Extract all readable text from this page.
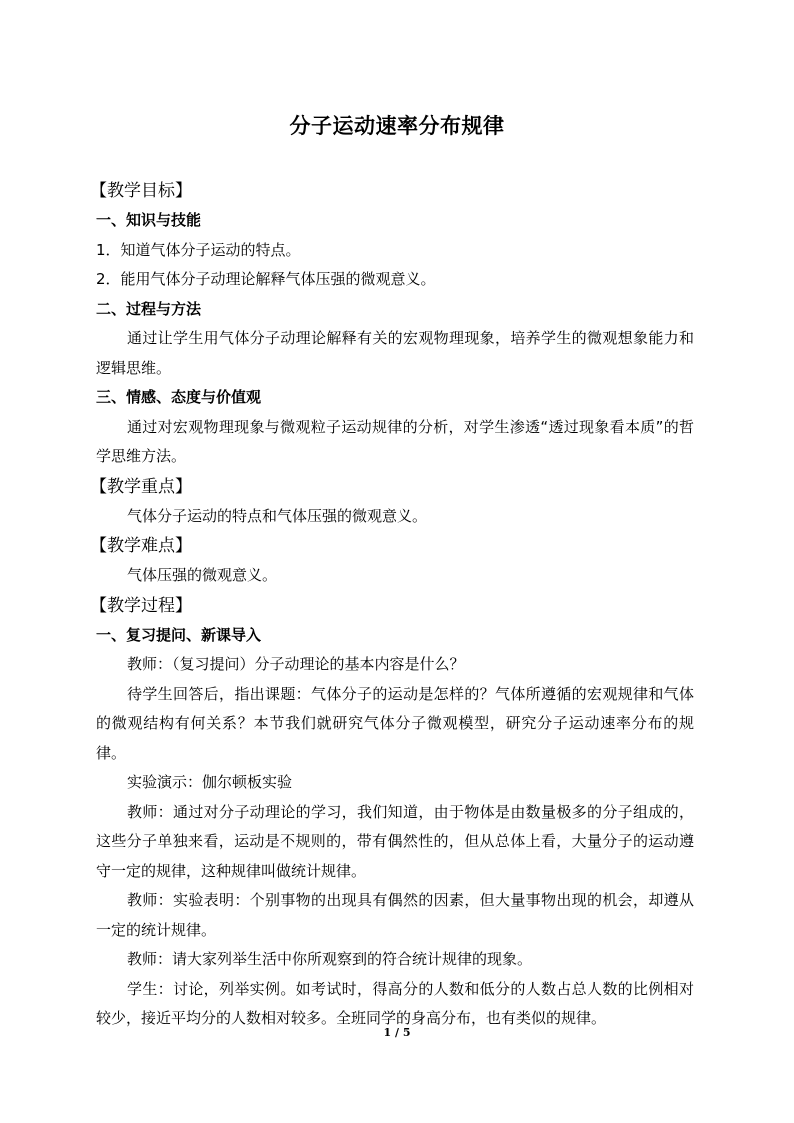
分子运动速率分布规律

【教学目标】

一、知识与技能

1．知道气体分子运动的特点。

2．能用气体分子动理论解释气体压强的微观意义。

二、过程与方法

通过让学生用气体分子动理论解释有关的宏观物理现象，培养学生的微观想象能力和逻辑思维。

三、情感、态度与价值观

通过对宏观物理现象与微观粒子运动规律的分析，对学生渗透“透过现象看本质”的哲学思维方法。

【教学重点】

气体分子运动的特点和气体压强的微观意义。

【教学难点】

气体压强的微观意义。

【教学过程】

一、复习提问、新课导入

教师：（复习提问）分子动理论的基本内容是什么？

待学生回答后，指出课题：气体分子的运动是怎样的？气体所遵循的宏观规律和气体的微观结构有何关系？本节我们就研究气体分子微观模型，研究分子运动速率分布的规律。

实验演示：伽尔顿板实验

教师：通过对分子动理论的学习，我们知道，由于物体是由数量极多的分子组成的，这些分子单独来看，运动是不规则的，带有偶然性的，但从总体上看，大量分子的运动遵守一定的规律，这种规律叫做统计规律。

教师：实验表明：个别事物的出现具有偶然的因素，但大量事物出现的机会，却遵从一定的统计规律。

教师：请大家列举生活中你所观察到的符合统计规律的现象。

学生：讨论，列举实例。如考试时，得高分的人数和低分的人数占总人数的比例相对较少，接近平均分的人数相对较多。全班同学的身高分布，也有类似的规律。

1 / 5
